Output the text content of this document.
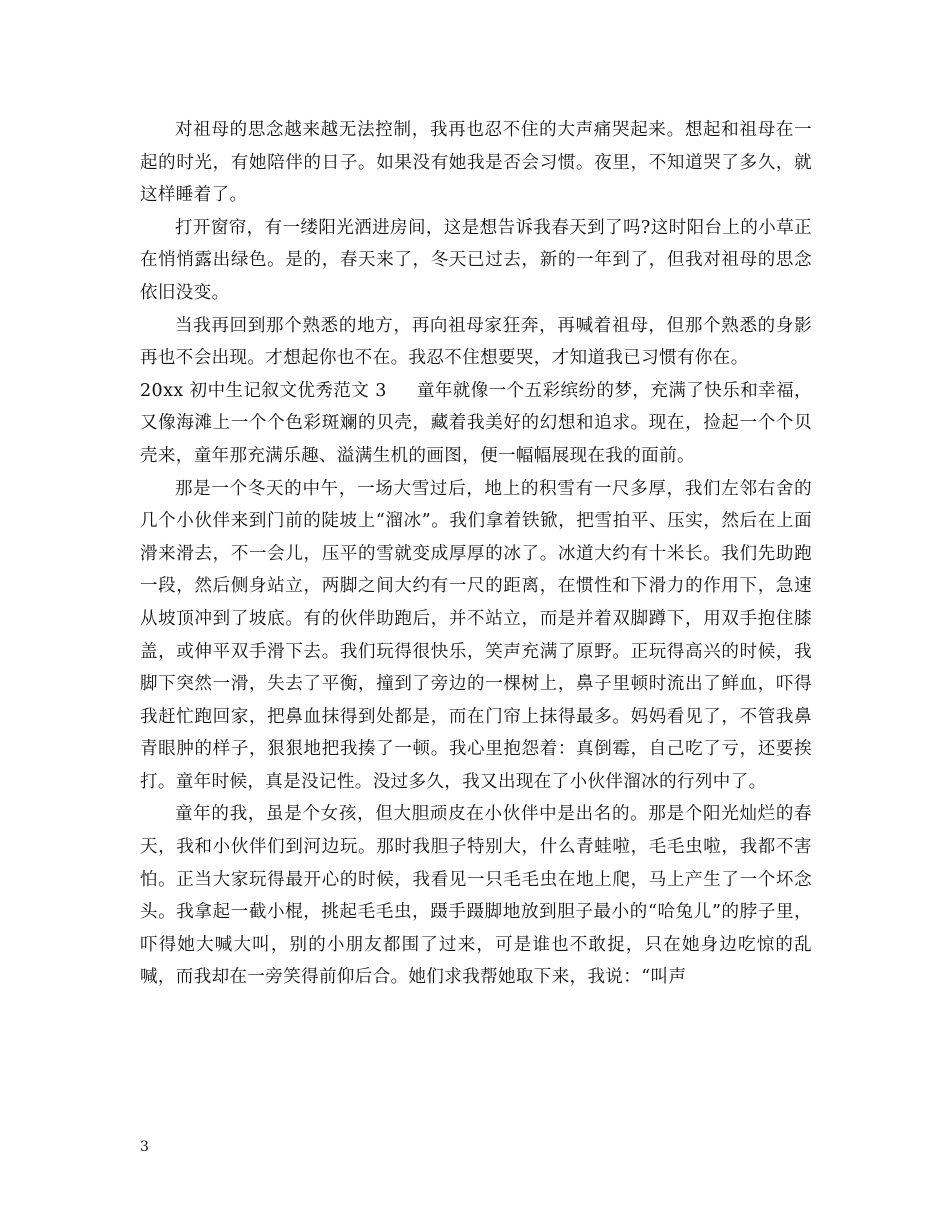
对祖母的思念越来越无法控制，我再也忍不住的大声痛哭起来。想起和祖母在一起的时光，有她陪伴的日子。如果没有她我是否会习惯。夜里，不知道哭了多久，就这样睡着了。

打开窗帘，有一缕阳光洒进房间，这是想告诉我春天到了吗?这时阳台上的小草正在悄悄露出绿色。是的，春天来了，冬天已过去，新的一年到了，但我对祖母的思念依旧没变。

当我再回到那个熟悉的地方，再向祖母家狂奔，再喊着祖母，但那个熟悉的身影再也不会出现。才想起你也不在。我忍不住想要哭，才知道我已习惯有你在。

20xx 初中生记叙文优秀范文 3 童年就像一个五彩缤纷的梦，充满了快乐和幸福，又像海滩上一个个色彩斑斓的贝壳，藏着我美好的幻想和追求。现在，捡起一个个贝壳来，童年那充满乐趣、溢满生机的画图，便一幅幅展现在我的面前。

那是一个冬天的中午，一场大雪过后，地上的积雪有一尺多厚，我们左邻右舍的几个小伙伴来到门前的陡坡上“溜冰”。我们拿着铁锨，把雪拍平、压实，然后在上面滑来滑去，不一会儿，压平的雪就变成厚厚的冰了。冰道大约有十米长。我们先助跑一段，然后侧身站立，两脚之间大约有一尺的距离，在惯性和下滑力的作用下，急速从坡顶冲到了坡底。有的伙伴助跑后，并不站立，而是并着双脚蹲下，用双手抱住膝盖，或伸平双手滑下去。我们玩得很快乐，笑声充满了原野。正玩得高兴的时候，我脚下突然一滑，失去了平衡，撞到了旁边的一棵树上，鼻子里顿时流出了鲜血，吓得我赶忙跑回家，把鼻血抹得到处都是，而在门帘上抹得最多。妈妈看见了，不管我鼻青眼肿的样子，狠狠地把我揍了一顿。我心里抱怨着：真倒霉，自己吃了亏，还要挨打。童年时候，真是没记性。没过多久，我又出现在了小伙伴溜冰的行列中了。

童年的我，虽是个女孩，但大胆顽皮在小伙伴中是出名的。那是个阳光灿烂的春天，我和小伙伴们到河边玩。那时我胆子特别大，什么青蛙啦，毛毛虫啦，我都不害怕。正当大家玩得最开心的时候，我看见一只毛毛虫在地上爬，马上产生了一个坏念头。我拿起一截小棍，挑起毛毛虫，蹑手蹑脚地放到胆子最小的“哈兔儿”的脖子里，吓得她大喊大叫，别的小朋友都围了过来，可是谁也不敢捉，只在她身边吃惊的乱喊，而我却在一旁笑得前仰后合。她们求我帮她取下来，我说：“叫声

3
